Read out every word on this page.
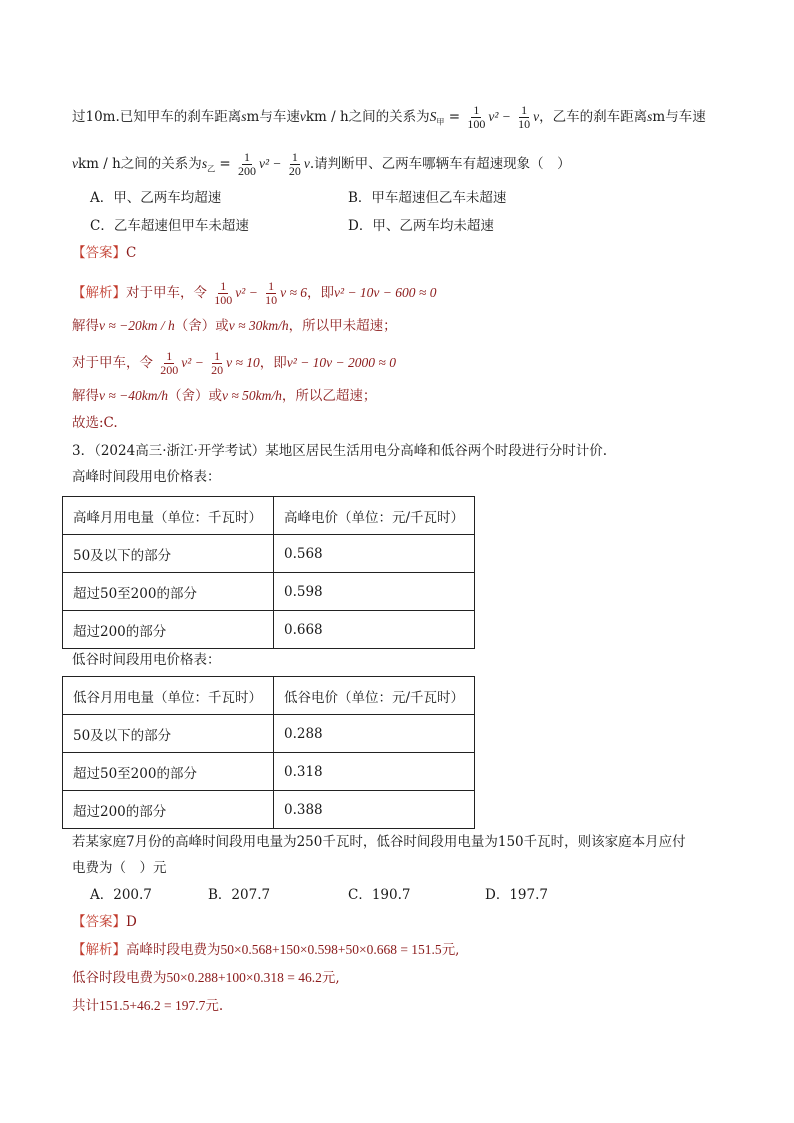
过10m.已知甲车的刹车距离sm与车速vkm / h之间的关系为$S_甲 = \frac{1}{100} v^2 - \frac{1}{10}$ v，乙车的刹车距离sm与车速
vkm / h之间的关系为$s_乙 = \frac{1}{200} v^2 - \frac{1}{20} v$.请判断甲、乙两车哪辆车有超速现象（　）
A．甲、乙两车均超速	B．甲车超速但乙车未超速
C．乙车超速但甲车未超速	D．甲、乙两车均未超速
【答案】C
【解析】对于甲车，令 $\frac{1}{100} v^2 - \frac{1}{10}$ v ≈ 6，即v² − 10v − 600 ≈ 0
解得v ≈ −20km / h（舍）或v ≈ 30km/h，所以甲未超速；
对于甲车，令 $\frac{1}{200} v^2 - \frac{1}{20}$ v ≈ 10，即v² − 10v − 2000 ≈ 0
解得v ≈ −40km/h（舍）或v ≈ 50km/h，所以乙超速；
故选:C.
3．（2024高三·浙江·开学考试）某地区居民生活用电分高峰和低谷两个时段进行分时计价.
高峰时间段用电价格表：
高峰月用电量（单位：千瓦时）	高峰电价（单位：元/千瓦时）
50及以下的部分	0.568
超过50至200的部分	0.598
超过200的部分	0.668
低谷时间段用电价格表：
低谷月用电量（单位：千瓦时）	低谷电价（单位：元/千瓦时）
50及以下的部分	0.288
超过50至200的部分	0.318
超过200的部分	0.388
若某家庭7月份的高峰时间段用电量为250千瓦时，低谷时间段用电量为150千瓦时，则该家庭本月应付
电费为（　）元
A．200.7	B．207.7	C．190.7	D．197.7
【答案】D
【解析】高峰时段电费为50×0.568+150×0.598+50×0.668 = 151.5元,
低谷时段电费为50×0.288+100×0.318 = 46.2元,
共计151.5+46.2 = 197.7元.
